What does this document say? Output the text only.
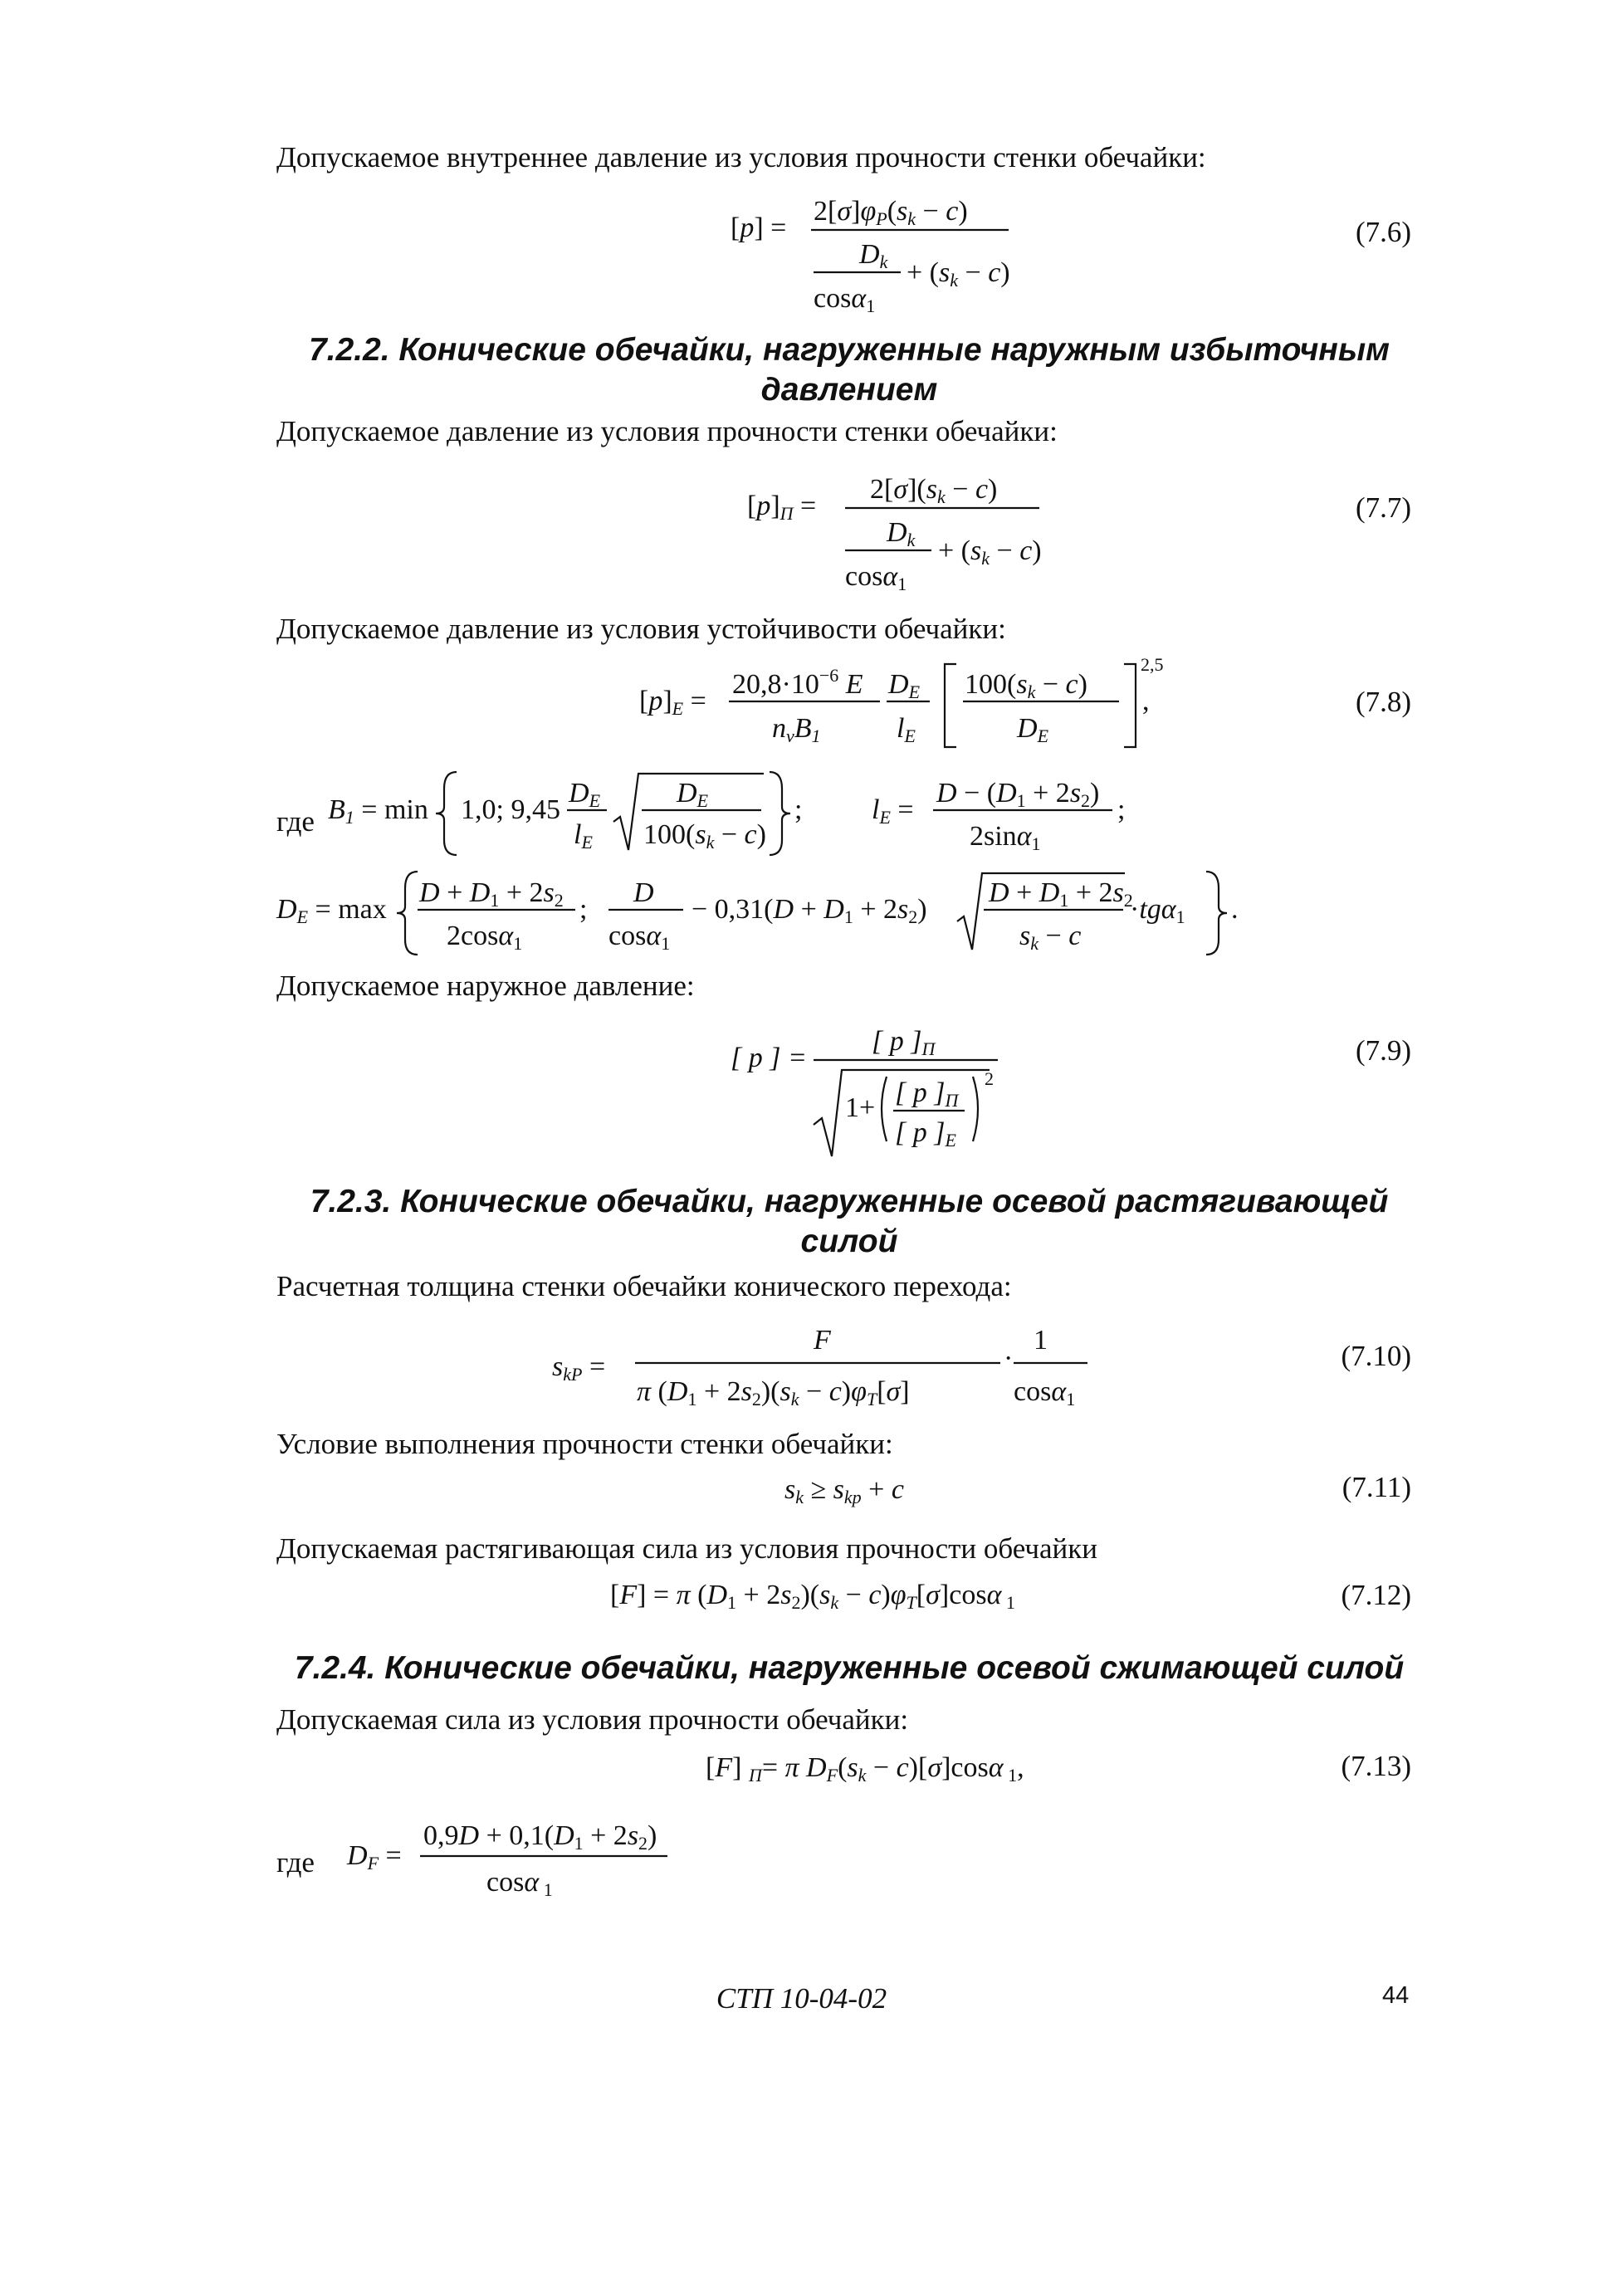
Допускаемое внутреннее давление из условия прочности стенки обечайки:
[p] =
2[σ]φP(sk − c)
Dk
cosα1
+ (sk − c)
(7.6)
7.2.2. Конические обечайки, нагруженные наружным избыточным давлением
Допускаемое давление из условия прочности стенки обечайки:
[p]П =
2[σ](sk − c)
Dk
cosα1
+ (sk − c)
(7.7)
Допускаемое давление из условия устойчивости обечайки:
[p]E =
$20,8\cdot 10^{-6}$ E
nvB1
DE
lE
100(sk − c)
DE
2,5
,	(7.8)
где B1 = min 1,0; 9,45
DE
lE
DE
100(sk − c)
; lE =
D − (D1 + 2s2)
2sinα1
;
DE = max
D + D1 + 2s2
2cosα1
;
D
cosα1
− 0,31(D + D1 + 2s2)
D + D1 + 2s2
sk − c
·tgα1 .
Допускаемое наружное давление:
[ p ] =
[ p ]П
1+ [ p ]П
[ p ]E
2
(7.9)
7.2.3. Конические обечайки, нагруженные осевой растягивающей силой
Расчетная толщина стенки обечайки конического перехода:
skP =
F
π (D1 + 2s2)(sk − c)φT[σ]
·
1
cosα1
(7.10)
Условие выполнения прочности стенки обечайки:
sk ≥ skp + c	(7.11)
Допускаемая растягивающая сила из условия прочности обечайки
[F] = π (D1 + 2s2)(sk − c)φT[σ]cosα 1	(7.12)
7.2.4. Конические обечайки, нагруженные осевой сжимающей силой
Допускаемая сила из условия прочности обечайки:
[F] П= π DF(sk − c)[σ]cosα 1,	(7.13)
где DF =
0,9D + 0,1(D1 + 2s2)
cosα 1
СТП 10-04-02	44
